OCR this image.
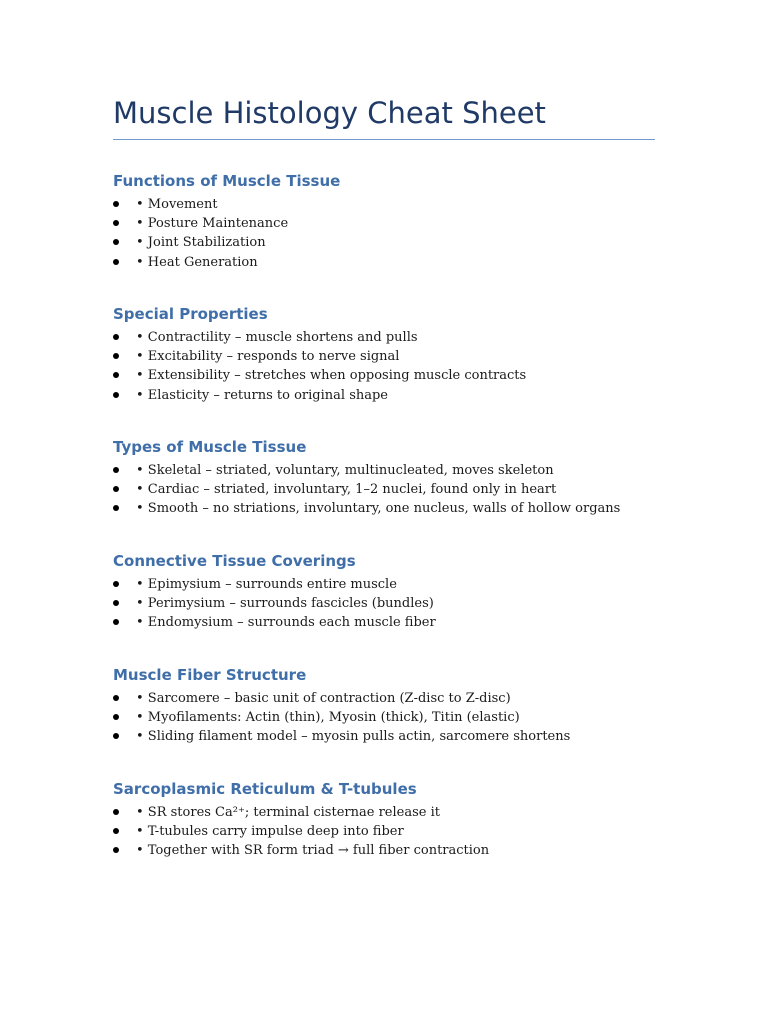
Muscle Histology Cheat Sheet
Functions of Muscle Tissue
• Movement
• Posture Maintenance
• Joint Stabilization
• Heat Generation
Special Properties
• Contractility – muscle shortens and pulls
• Excitability – responds to nerve signal
• Extensibility – stretches when opposing muscle contracts
• Elasticity – returns to original shape
Types of Muscle Tissue
• Skeletal – striated, voluntary, multinucleated, moves skeleton
• Cardiac – striated, involuntary, 1–2 nuclei, found only in heart
• Smooth – no striations, involuntary, one nucleus, walls of hollow organs
Connective Tissue Coverings
• Epimysium – surrounds entire muscle
• Perimysium – surrounds fascicles (bundles)
• Endomysium – surrounds each muscle fiber
Muscle Fiber Structure
• Sarcomere – basic unit of contraction (Z-disc to Z-disc)
• Myofilaments: Actin (thin), Myosin (thick), Titin (elastic)
• Sliding filament model – myosin pulls actin, sarcomere shortens
Sarcoplasmic Reticulum & T-tubules
• SR stores Ca²⁺; terminal cisternae release it
• T-tubules carry impulse deep into fiber
• Together with SR form triad → full fiber contraction
